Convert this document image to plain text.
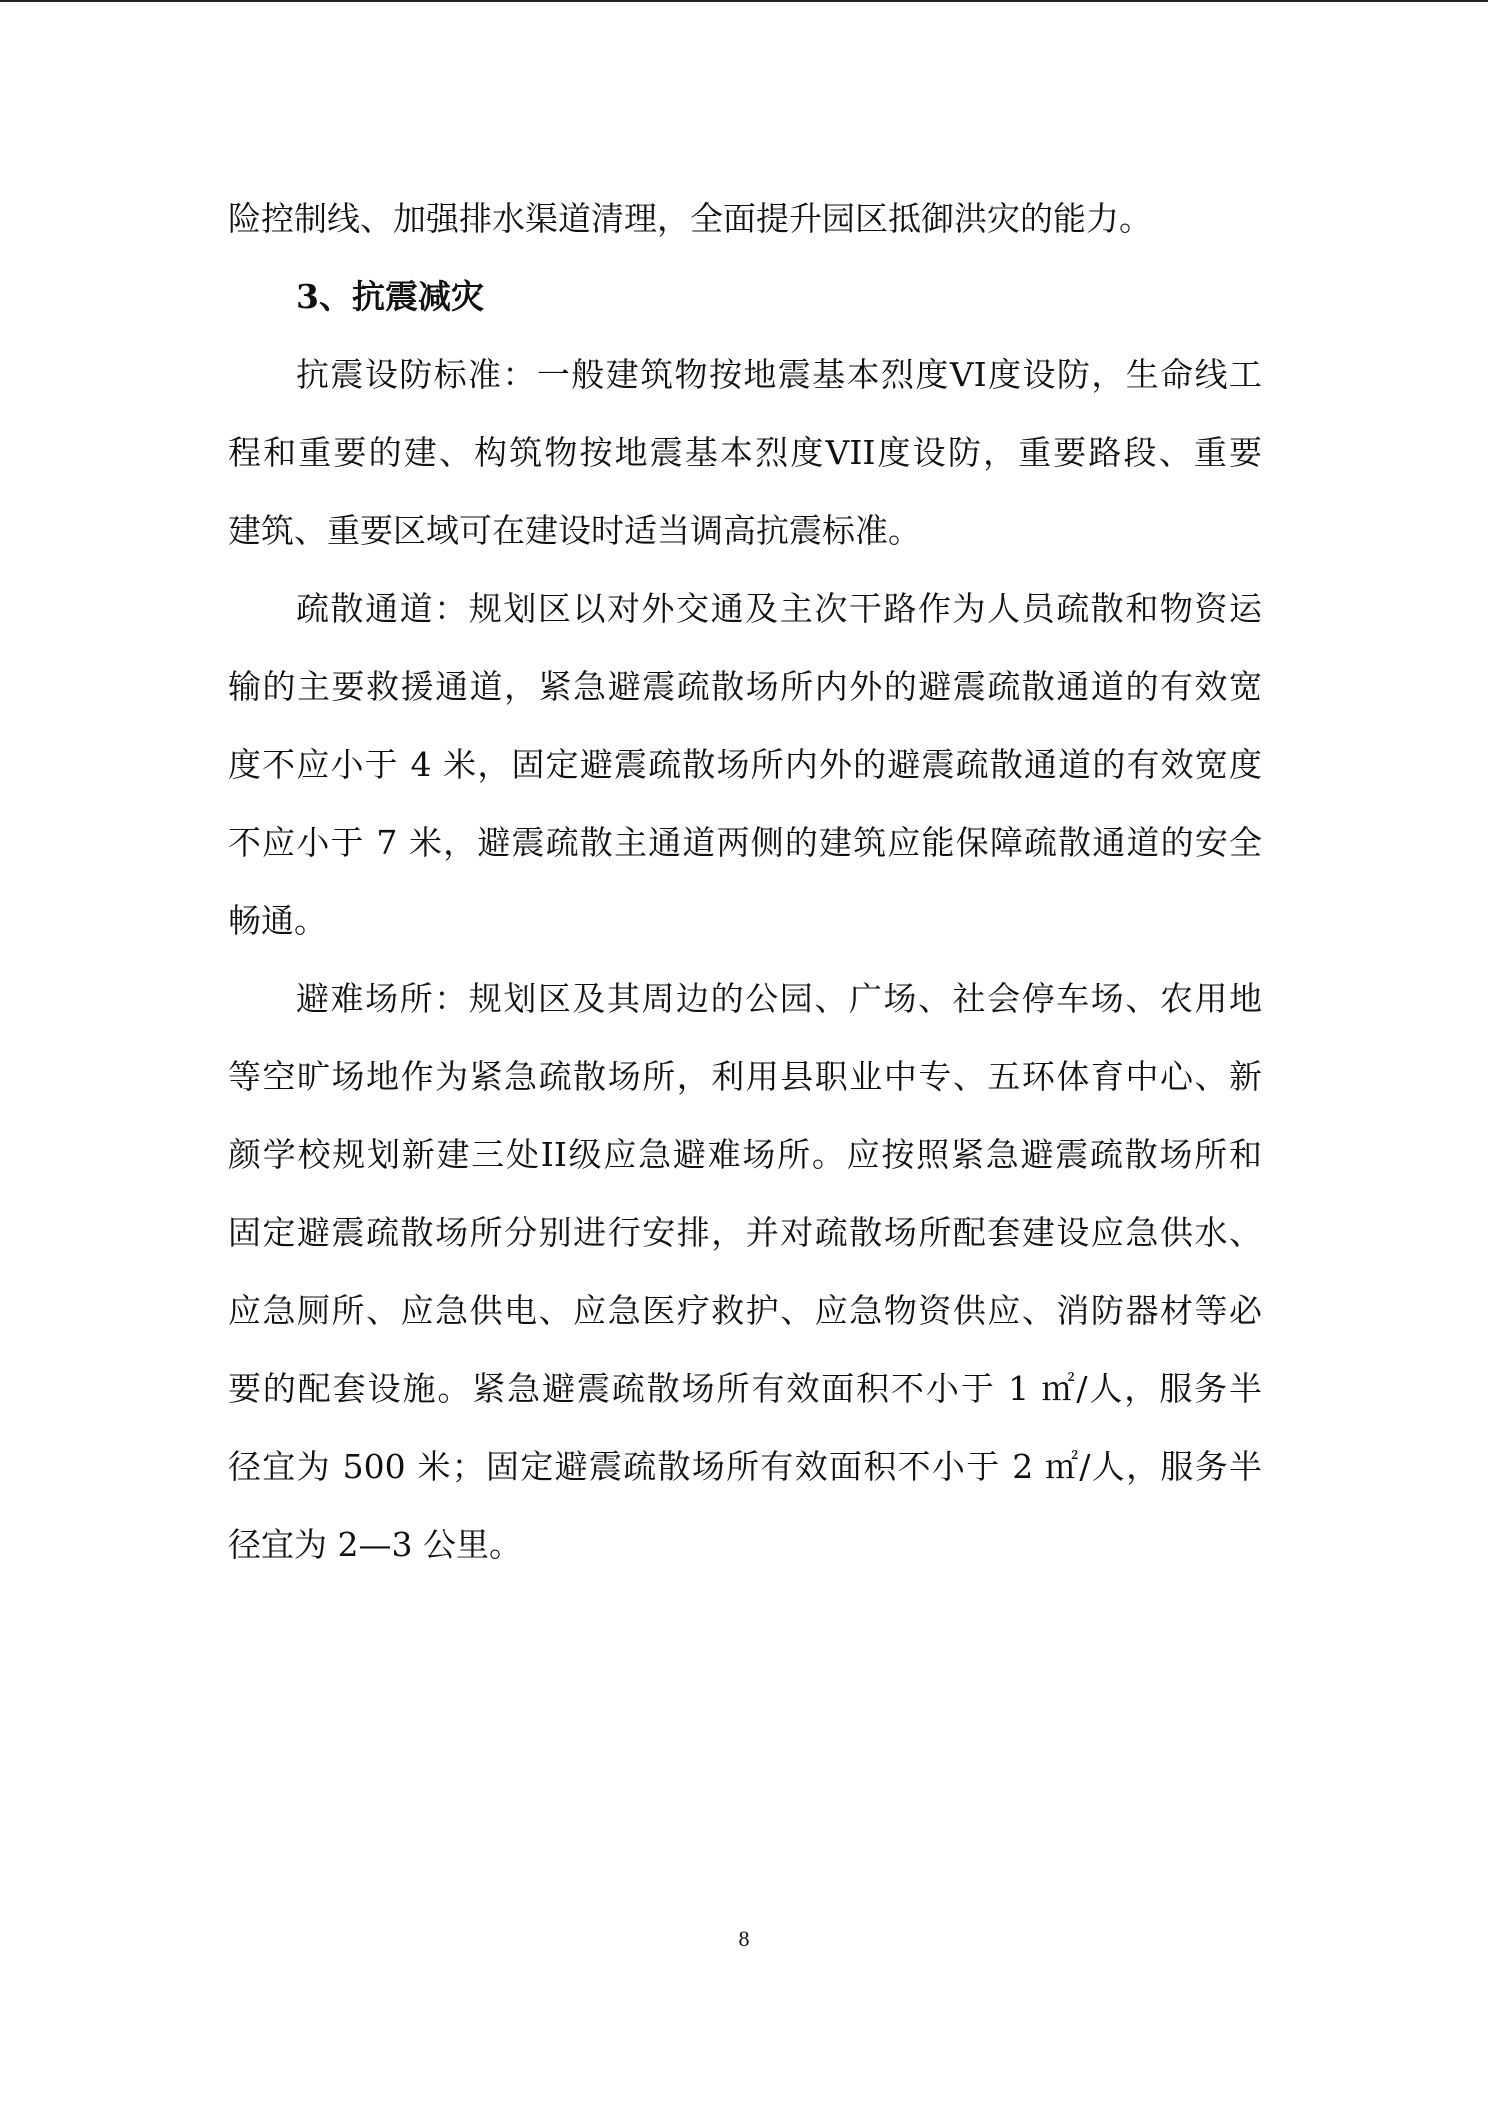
险控制线、加强排水渠道清理，全面提升园区抵御洪灾的能力。
3、抗震减灾
抗震设防标准：一般建筑物按地震基本烈度VI度设防，生命线工
程和重要的建、构筑物按地震基本烈度VII度设防，重要路段、重要
建筑、重要区域可在建设时适当调高抗震标准。
疏散通道：规划区以对外交通及主次干路作为人员疏散和物资运
输的主要救援通道，紧急避震疏散场所内外的避震疏散通道的有效宽
度不应小于 4 米，固定避震疏散场所内外的避震疏散通道的有效宽度
不应小于 7 米，避震疏散主通道两侧的建筑应能保障疏散通道的安全
畅通。
避难场所：规划区及其周边的公园、广场、社会停车场、农用地
等空旷场地作为紧急疏散场所，利用县职业中专、五环体育中心、新
颜学校规划新建三处II级应急避难场所。应按照紧急避震疏散场所和
固定避震疏散场所分别进行安排，并对疏散场所配套建设应急供水、
应急厕所、应急供电、应急医疗救护、应急物资供应、消防器材等必
要的配套设施。紧急避震疏散场所有效面积不小于 1 ㎡/人，服务半
径宜为 500 米；固定避震疏散场所有效面积不小于 2 ㎡/人，服务半
径宜为 2—3 公里。
8
